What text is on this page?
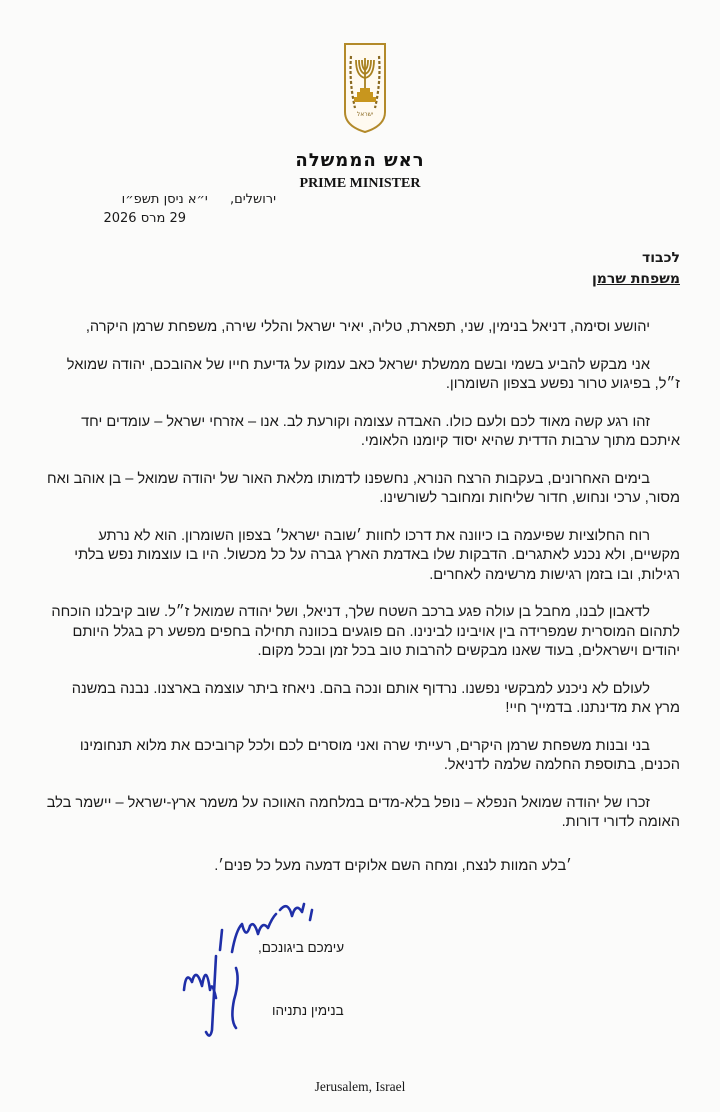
ישראל
ראש הממשלה
PRIME MINISTER
ירושלים, י״א ניסן תשפ״ו
29 מרס 2026
לכבוד
משפחת שרמן

יהושע וסימה, דניאל בנימין, שני, תפארת, טליה, יאיר ישראל והללי שירה, משפחת שרמן היקרה,

אני מבקש להביע בשמי ובשם ממשלת ישראל כאב עמוק על גדיעת חייו של אהובכם, יהודה שמואל ז״ל, בפיגוע טרור נפשע בצפון השומרון.

זהו רגע קשה מאוד לכם ולעם כולו. האבדה עצומה וקורעת לב. אנו – אזרחי ישראל – עומדים יחד איתכם מתוך ערבות הדדית שהיא יסוד קיומנו הלאומי.

בימים האחרונים, בעקבות הרצח הנורא, נחשפנו לדמותו מלאת האור של יהודה שמואל – בן אוהב ואח מסור, ערכי ונחוש, חדור שליחות ומחובר לשורשינו.

רוח החלוציות שפיעמה בו כיוונה את דרכו לחוות ׳שובה ישראל׳ בצפון השומרון. הוא לא נרתע מקשיים, ולא נכנע לאתגרים. הדבקות שלו באדמת הארץ גברה על כל מכשול. היו בו עוצמות נפש בלתי רגילות, ובו בזמן רגישות מרשימה לאחרים.

לדאבון לבנו, מחבל בן עולה פגע ברכב השטח שלך, דניאל, ושל יהודה שמואל ז״ל. שוב קיבלנו הוכחה לתהום המוסרית שמפרידה בין אויבינו לבינינו. הם פוגעים בכוונה תחילה בחפים מפשע רק בגלל היותם יהודים וישראלים, בעוד שאנו מבקשים להרבות טוב בכל זמן ובכל מקום.

לעולם לא ניכנע למבקשי נפשנו. נרדוף אותם ונכה בהם. ניאחז ביתר עוצמה בארצנו. נבנה במשנה מרץ את מדינתנו. בדמייך חיי!

בני ובנות משפחת שרמן היקרים, רעייתי שרה ואני מוסרים לכם ולכל קרוביכם את מלוא תנחומינו הכנים, בתוספת החלמה שלמה לדניאל.

זכרו של יהודה שמואל הנפלא – נופל בלא-מדים במלחמה האווכה על משמר ארץ-ישראל – יישמר בלב האומה לדורי דורות.

׳בלע המוות לנצח, ומחה השם אלוקים דמעה מעל כל פנים׳.

עימכם ביגונכם,
בנימין נתניהו
Jerusalem, Israel
